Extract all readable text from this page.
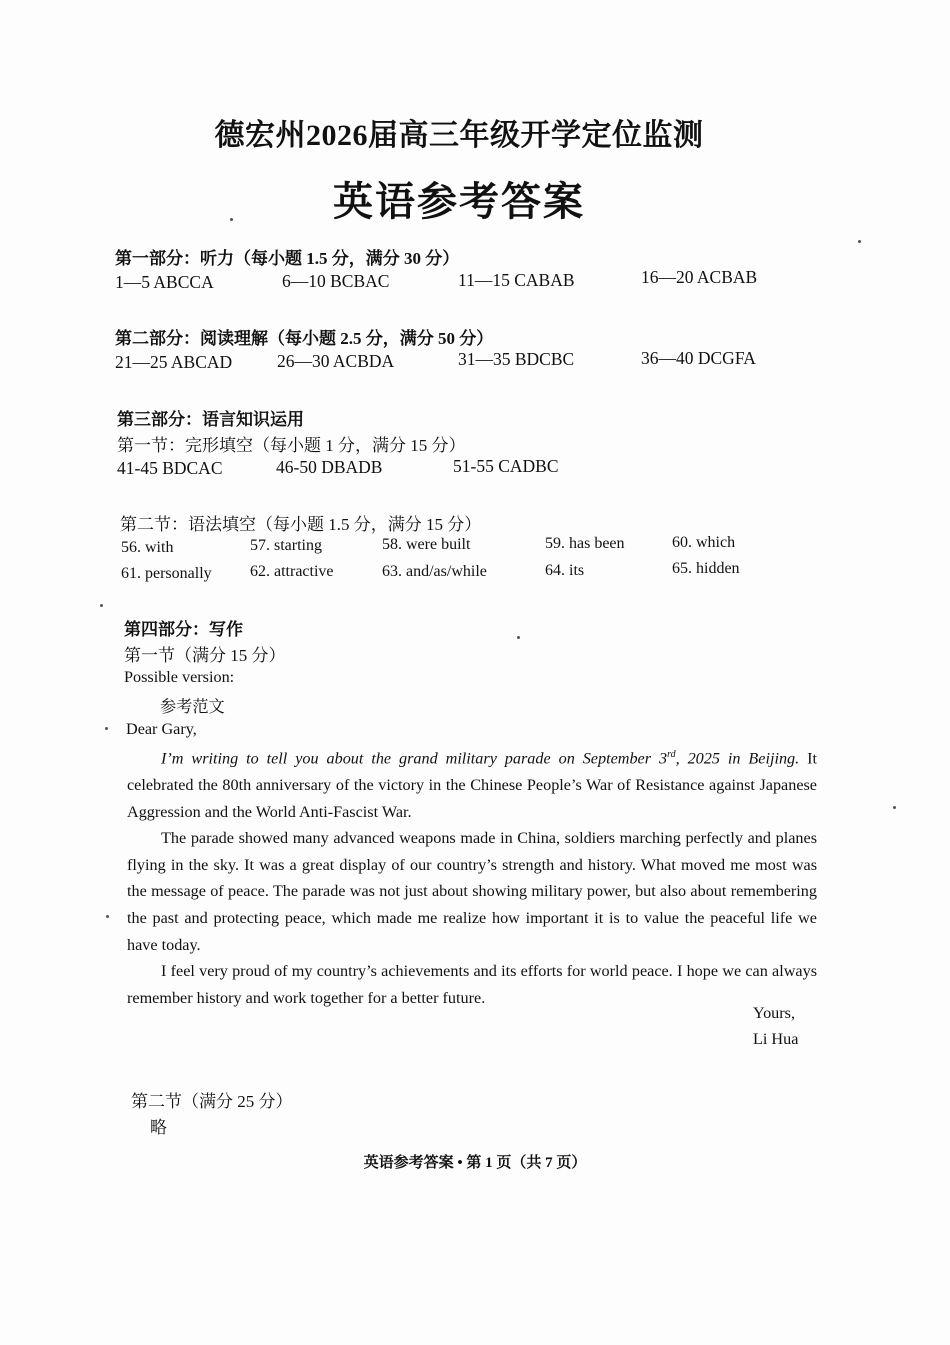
德宏州2026届高三年级开学定位监测
英语参考答案
第一部分：听力（每小题 1.5 分，满分 30 分）
1—5 ABCCA	6—10 BCBAC	11—15 CABAB	16—20 ACBAB
第二部分：阅读理解（每小题 2.5 分，满分 50 分）
21—25 ABCAD	26—30 ACBDA	31—35 BDCBC	36—40 DCGFA
第三部分：语言知识运用
第一节：完形填空（每小题 1 分，满分 15 分）
41-45 BDCAC	46-50 DBADB	51-55 CADBC
第二节：语法填空（每小题 1.5 分，满分 15 分）
56. with	57. starting	58. were built	59. has been	60. which
61. personally 62. attractive	63. and/as/while	64. its	65. hidden
第四部分：写作
第一节（满分 15 分）
Possible version:
参考范文
Dear Gary,

I’m writing to tell you about the grand military parade on September 3rd, 2025 in Beijing. It celebrated the 80th anniversary of the victory in the Chinese People’s War of Resistance against Japanese Aggression and the World Anti-Fascist War.

The parade showed many advanced weapons made in China, soldiers marching perfectly and planes flying in the sky. It was a great display of our country’s strength and history. What moved me most was the message of peace. The parade was not just about showing military power, but also about remembering the past and protecting peace, which made me realize how important it is to value the peaceful life we have today.

I feel very proud of my country’s achievements and its efforts for world peace. I hope we can always remember history and work together for a better future.

Yours,
Li Hua
第二节（满分 25 分）
略
英语参考答案 • 第 1 页（共 7 页）
